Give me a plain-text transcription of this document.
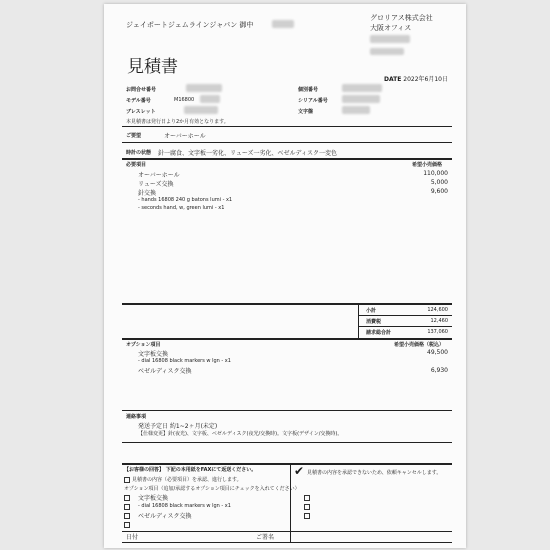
ジェイポートジェムラインジャパン 御中
グロリアス株式会社
大阪オフィス
見積書
DATE 2022年6月10日
お問合せ番号
モデル番号	M16800
ブレスレット
本見積書は発行日より2か月有効となります。
個別番号
シリアル番号
文字盤
ご要望	オーバーホール
時計の状態 針一腐食、文字板一劣化、リューズ一劣化、ベゼルディスク一変色
必要項目	希望小売価格
オーバーホール	110,000
リューズ交換	5,000
針交換	9,600
- hands 16808 240 g batons lumi - x1
- seconds hand, w, green lumi - x1
小計	124,600
消費税	12,460
請求総合計	137,060
オプション項目	希望小売価格（税込）
文字板交換	49,500
- dial 16808 black markers w lgn - x1
ベゼルディスク交換	6,930
連絡事項
発送予定日 約1~2ヶ月(未定)
【仕様変更】針(夜光)、文字板、ベゼルディスク(夜光/交換時)。文字板(デザイン/交換時)。
【お客様の回答】 下記の本用紙をFAXにて返送ください。
見積書の内容（必要項目）を承認、進行します。
オプション項目（追加/承認するオプション項目にチェックを入れてください）
文字板交換
- dial 16808 black markers w lgn - x1
ベゼルディスク交換
✔ 見積書の内容を承認できないため、依頼キャンセルします。
日付	ご署名
